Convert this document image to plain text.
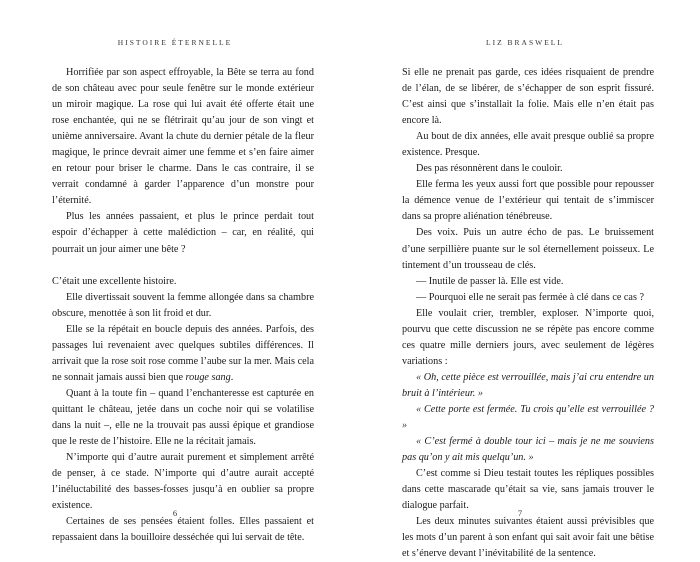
HISTOIRE ÉTERNELLE

Horrifiée par son aspect effroyable, la Bête se terra au fond de son château avec pour seule fenêtre sur le monde extérieur un miroir magique. La rose qui lui avait été offerte était une rose enchantée, qui ne se flétrirait qu’au jour de son vingt et unième anniversaire. Avant la chute du dernier pétale de la fleur magique, le prince devrait aimer une femme et s’en faire aimer en retour pour briser le charme. Dans le cas contraire, il se verrait condamné à garder l’apparence d’un monstre pour l’éternité.

Plus les années passaient, et plus le prince perdait tout espoir d’échapper à cette malédiction – car, en réalité, qui pourrait un jour aimer une bête ?

C’était une excellente histoire.

Elle divertissait souvent la femme allongée dans sa chambre obscure, menottée à son lit froid et dur.

Elle se la répétait en boucle depuis des années. Parfois, des passages lui revenaient avec quelques subtiles différences. Il arrivait que la rose soit rose comme l’aube sur la mer. Mais cela ne sonnait jamais aussi bien que rouge sang.

Quant à la toute fin – quand l’enchanteresse est capturée en quittant le château, jetée dans un coche noir qui se volatilise dans la nuit –, elle ne la trouvait pas aussi épique et grandiose que le reste de l’histoire. Elle ne la récitait jamais.

N’importe qui d’autre aurait purement et simplement arrêté de penser, à ce stade. N’importe qui d’autre aurait accepté l’inéluctabilité des basses-fosses jusqu’à en oublier sa propre existence.

Certaines de ses pensées étaient folles. Elles passaient et repassaient dans la bouilloire desséchée qui lui servait de tête.

6
LIZ BRASWELL

Si elle ne prenait pas garde, ces idées risquaient de prendre de l’élan, de se libérer, de s’échapper de son esprit fissuré. C’est ainsi que s’installait la folie. Mais elle n’en était pas encore là.

Au bout de dix années, elle avait presque oublié sa propre existence. Presque.

Des pas résonnèrent dans le couloir.

Elle ferma les yeux aussi fort que possible pour repousser la démence venue de l’extérieur qui tentait de s’immiscer dans sa propre aliénation ténébreuse.

Des voix. Puis un autre écho de pas. Le bruissement d’une serpillière puante sur le sol éternellement poisseux. Le tintement d’un trousseau de clés.

— Inutile de passer là. Elle est vide.

— Pourquoi elle ne serait pas fermée à clé dans ce cas ?

Elle voulait crier, trembler, exploser. N’importe quoi, pourvu que cette discussion ne se répète pas encore comme ces quatre mille derniers jours, avec seulement de légères variations :

« Oh, cette pièce est verrouillée, mais j’ai cru entendre un bruit à l’intérieur. »

« Cette porte est fermée. Tu crois qu’elle est verrouillée ? »

« C’est fermé à double tour ici – mais je ne me souviens pas qu’on y ait mis quelqu’un. »

C’est comme si Dieu testait toutes les répliques possibles dans cette mascarade qu’était sa vie, sans jamais trouver le dialogue parfait.

Les deux minutes suivantes étaient aussi prévisibles que les mots d’un parent à son enfant qui sait avoir fait une bêtise et s’énerve devant l’inévitabilité de la sentence.

7
